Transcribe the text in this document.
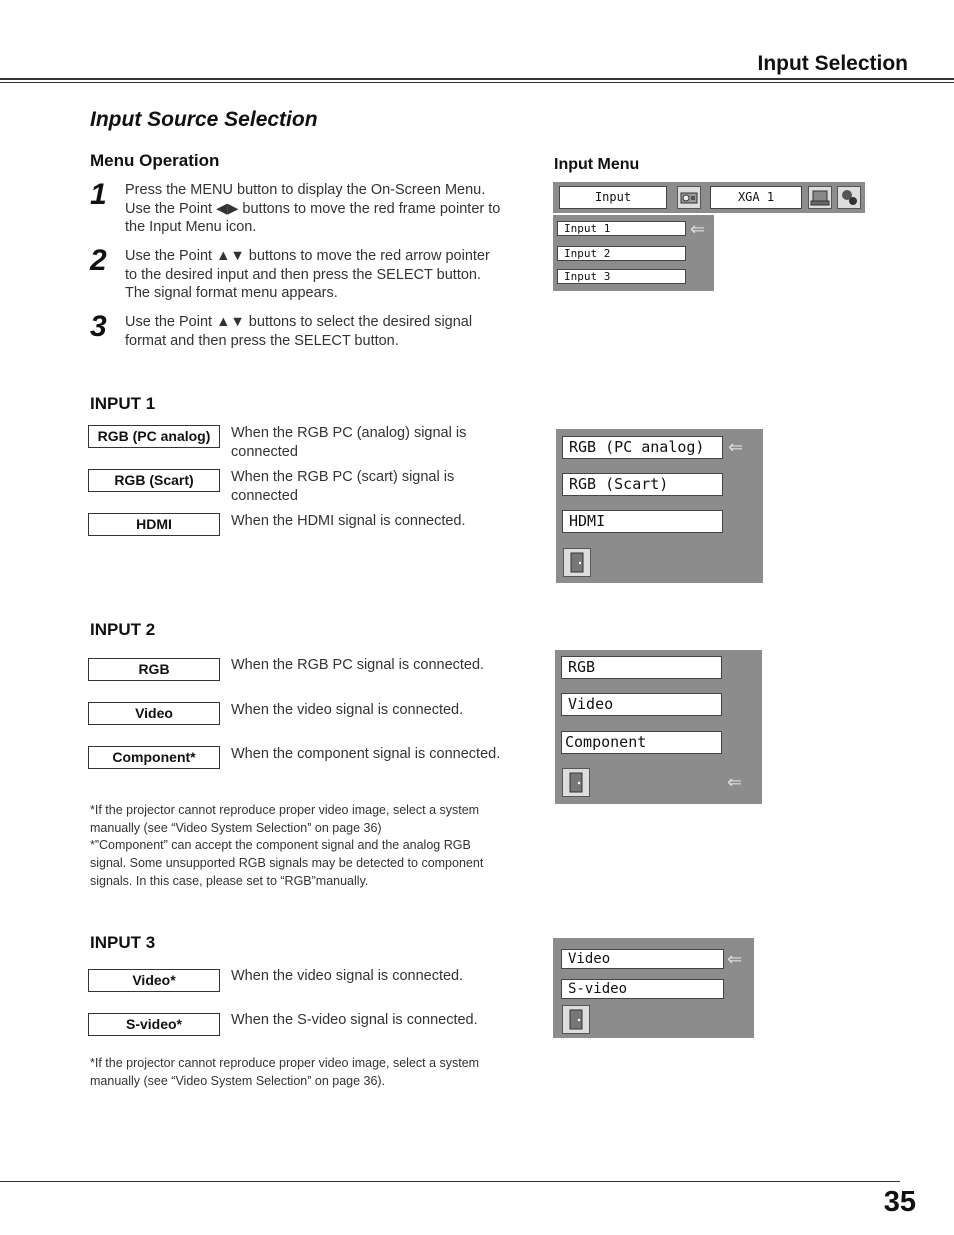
Input Selection
Input Source Selection
Menu Operation
1 Press the MENU button to display the On-Screen Menu. Use the Point ◀▶ buttons to move the red frame pointer to the Input Menu icon.
2 Use the Point ▲▼ buttons to move the red arrow pointer to the desired input and then press the SELECT button. The signal format menu appears.
3 Use the Point ▲▼ buttons to select the desired signal format and then press the SELECT button.
Input Menu
Input	XGA 1
Input 1
Input 2
Input 3
⇐
INPUT 1
RGB (PC analog)	When the RGB PC (analog) signal is connected
RGB (Scart)	When the RGB PC (scart) signal is connected
HDMI	When the HDMI signal is connected.
RGB (PC analog)	⇐
RGB (Scart)
HDMI
INPUT 2
RGB	When the RGB PC signal is connected.
Video	When the video signal is connected.
Component*	When the component signal is connected.
RGB
Video
Component
⇐
*If the projector cannot reproduce proper video image, select a system manually (see “Video System Selection” on page 36)
*”Component” can accept the component signal and the analog RGB signal. Some unsupported RGB signals may be detected to component signals. In this case, please set to “RGB”manually.
INPUT 3
Video*	When the video signal is connected.
S-video*	When the S-video signal is connected.
Video	⇐
S-video
*If the projector cannot reproduce proper video image, select a system manually (see “Video System Selection” on page 36).
35
